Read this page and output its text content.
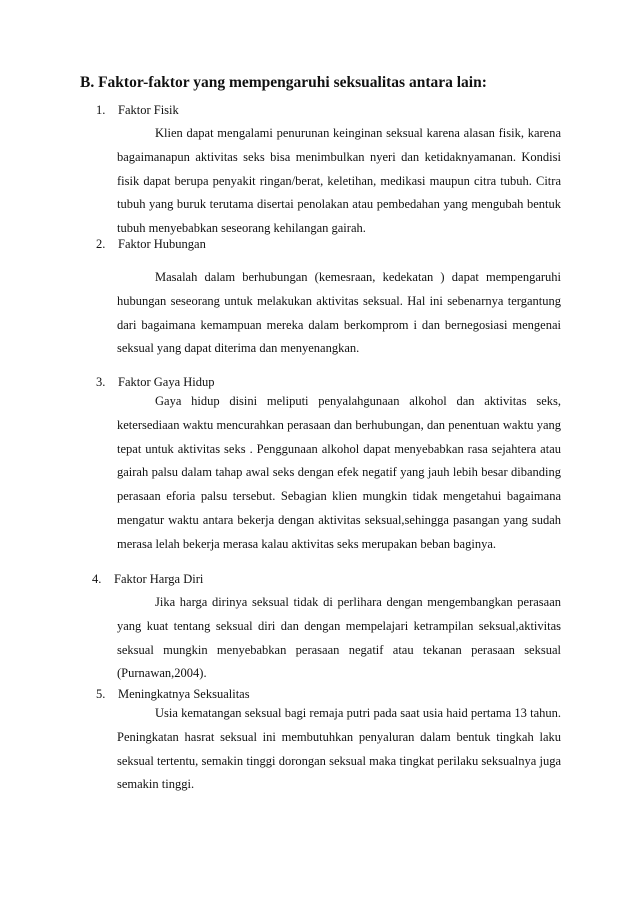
B. Faktor-faktor yang mempengaruhi seksualitas antara lain:
1. Faktor Fisik

Klien dapat mengalami penurunan keinginan seksual karena alasan fisik, karena bagaimanapun aktivitas seks bisa menimbulkan nyeri dan ketidaknyamanan. Kondisi fisik dapat berupa penyakit ringan/berat, keletihan, medikasi maupun citra tubuh. Citra tubuh yang buruk terutama disertai penolakan atau pembedahan yang mengubah bentuk tubuh menyebabkan seseorang kehilangan gairah.

2. Faktor Hubungan

Masalah dalam berhubungan (kemesraan, kedekatan ) dapat mempengaruhi hubungan seseorang untuk melakukan aktivitas seksual. Hal ini sebenarnya tergantung dari bagaimana kemampuan mereka dalam berkomprom i dan bernegosiasi mengenai seksual yang dapat diterima dan menyenangkan.

3. Faktor Gaya Hidup

Gaya hidup disini meliputi penyalahgunaan alkohol dan aktivitas seks, ketersediaan waktu mencurahkan perasaan dan berhubungan, dan penentuan waktu yang tepat untuk aktivitas seks . Penggunaan alkohol dapat menyebabkan rasa sejahtera atau gairah palsu dalam tahap awal seks dengan efek negatif yang jauh lebih besar dibanding perasaan eforia palsu tersebut. Sebagian klien mungkin tidak mengetahui bagaimana mengatur waktu antara bekerja dengan aktivitas seksual,sehingga pasangan yang sudah merasa lelah bekerja merasa kalau aktivitas seks merupakan beban baginya.

4. Faktor Harga Diri

Jika harga dirinya seksual tidak di perlihara dengan mengembangkan perasaan yang kuat tentang seksual diri dan dengan mempelajari ketrampilan seksual,aktivitas seksual mungkin menyebabkan perasaan negatif atau tekanan perasaan seksual (Purnawan,2004).

5. Meningkatnya Seksualitas

Usia kematangan seksual bagi remaja putri pada saat usia haid pertama 13 tahun. Peningkatan hasrat seksual ini membutuhkan penyaluran dalam bentuk tingkah laku seksual tertentu, semakin tinggi dorongan seksual maka tingkat perilaku seksualnya juga semakin tinggi.
